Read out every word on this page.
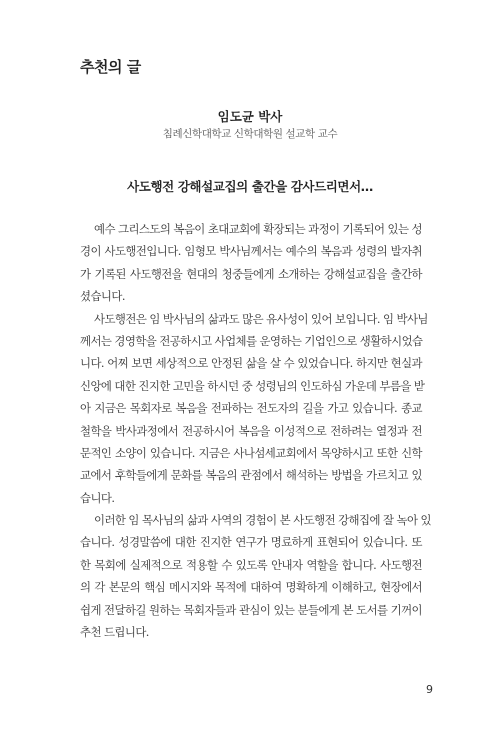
추천의 글
임도균 박사
침례신학대학교 신학대학원 설교학 교수
사도행전 강해설교집의 출간을 감사드리면서…
예수 그리스도의 복음이 초대교회에 확장되는 과정이 기록되어 있는 성
경이 사도행전입니다. 임형모 박사님께서는 예수의 복음과 성령의 발자취
가 기록된 사도행전을 현대의 청중들에게 소개하는 강해설교집을 출간하
셨습니다.
사도행전은 임 박사님의 삶과도 많은 유사성이 있어 보입니다. 임 박사님
께서는 경영학을 전공하시고 사업체를 운영하는 기업인으로 생활하시었습
니다. 어찌 보면 세상적으로 안정된 삶을 살 수 있었습니다. 하지만 현실과
신앙에 대한 진지한 고민을 하시던 중 성령님의 인도하심 가운데 부름을 받
아 지금은 목회자로 복음을 전파하는 전도자의 길을 가고 있습니다. 종교
철학을 박사과정에서 전공하시어 복음을 이성적으로 전하려는 열정과 전
문적인 소양이 있습니다. 지금은 사나섬세교회에서 목양하시고 또한 신학
교에서 후학들에게 문화를 복음의 관점에서 해석하는 방법을 가르치고 있
습니다.
이러한 임 목사님의 삶과 사역의 경험이 본 사도행전 강해집에 잘 녹아 있
습니다. 성경말씀에 대한 진지한 연구가 명료하게 표현되어 있습니다. 또
한 목회에 실제적으로 적용할 수 있도록 안내자 역할을 합니다. 사도행전
의 각 본문의 핵심 메시지와 목적에 대하여 명확하게 이해하고, 현장에서
쉽게 전달하길 원하는 목회자들과 관심이 있는 분들에게 본 도서를 기꺼이
추천 드립니다.
9
